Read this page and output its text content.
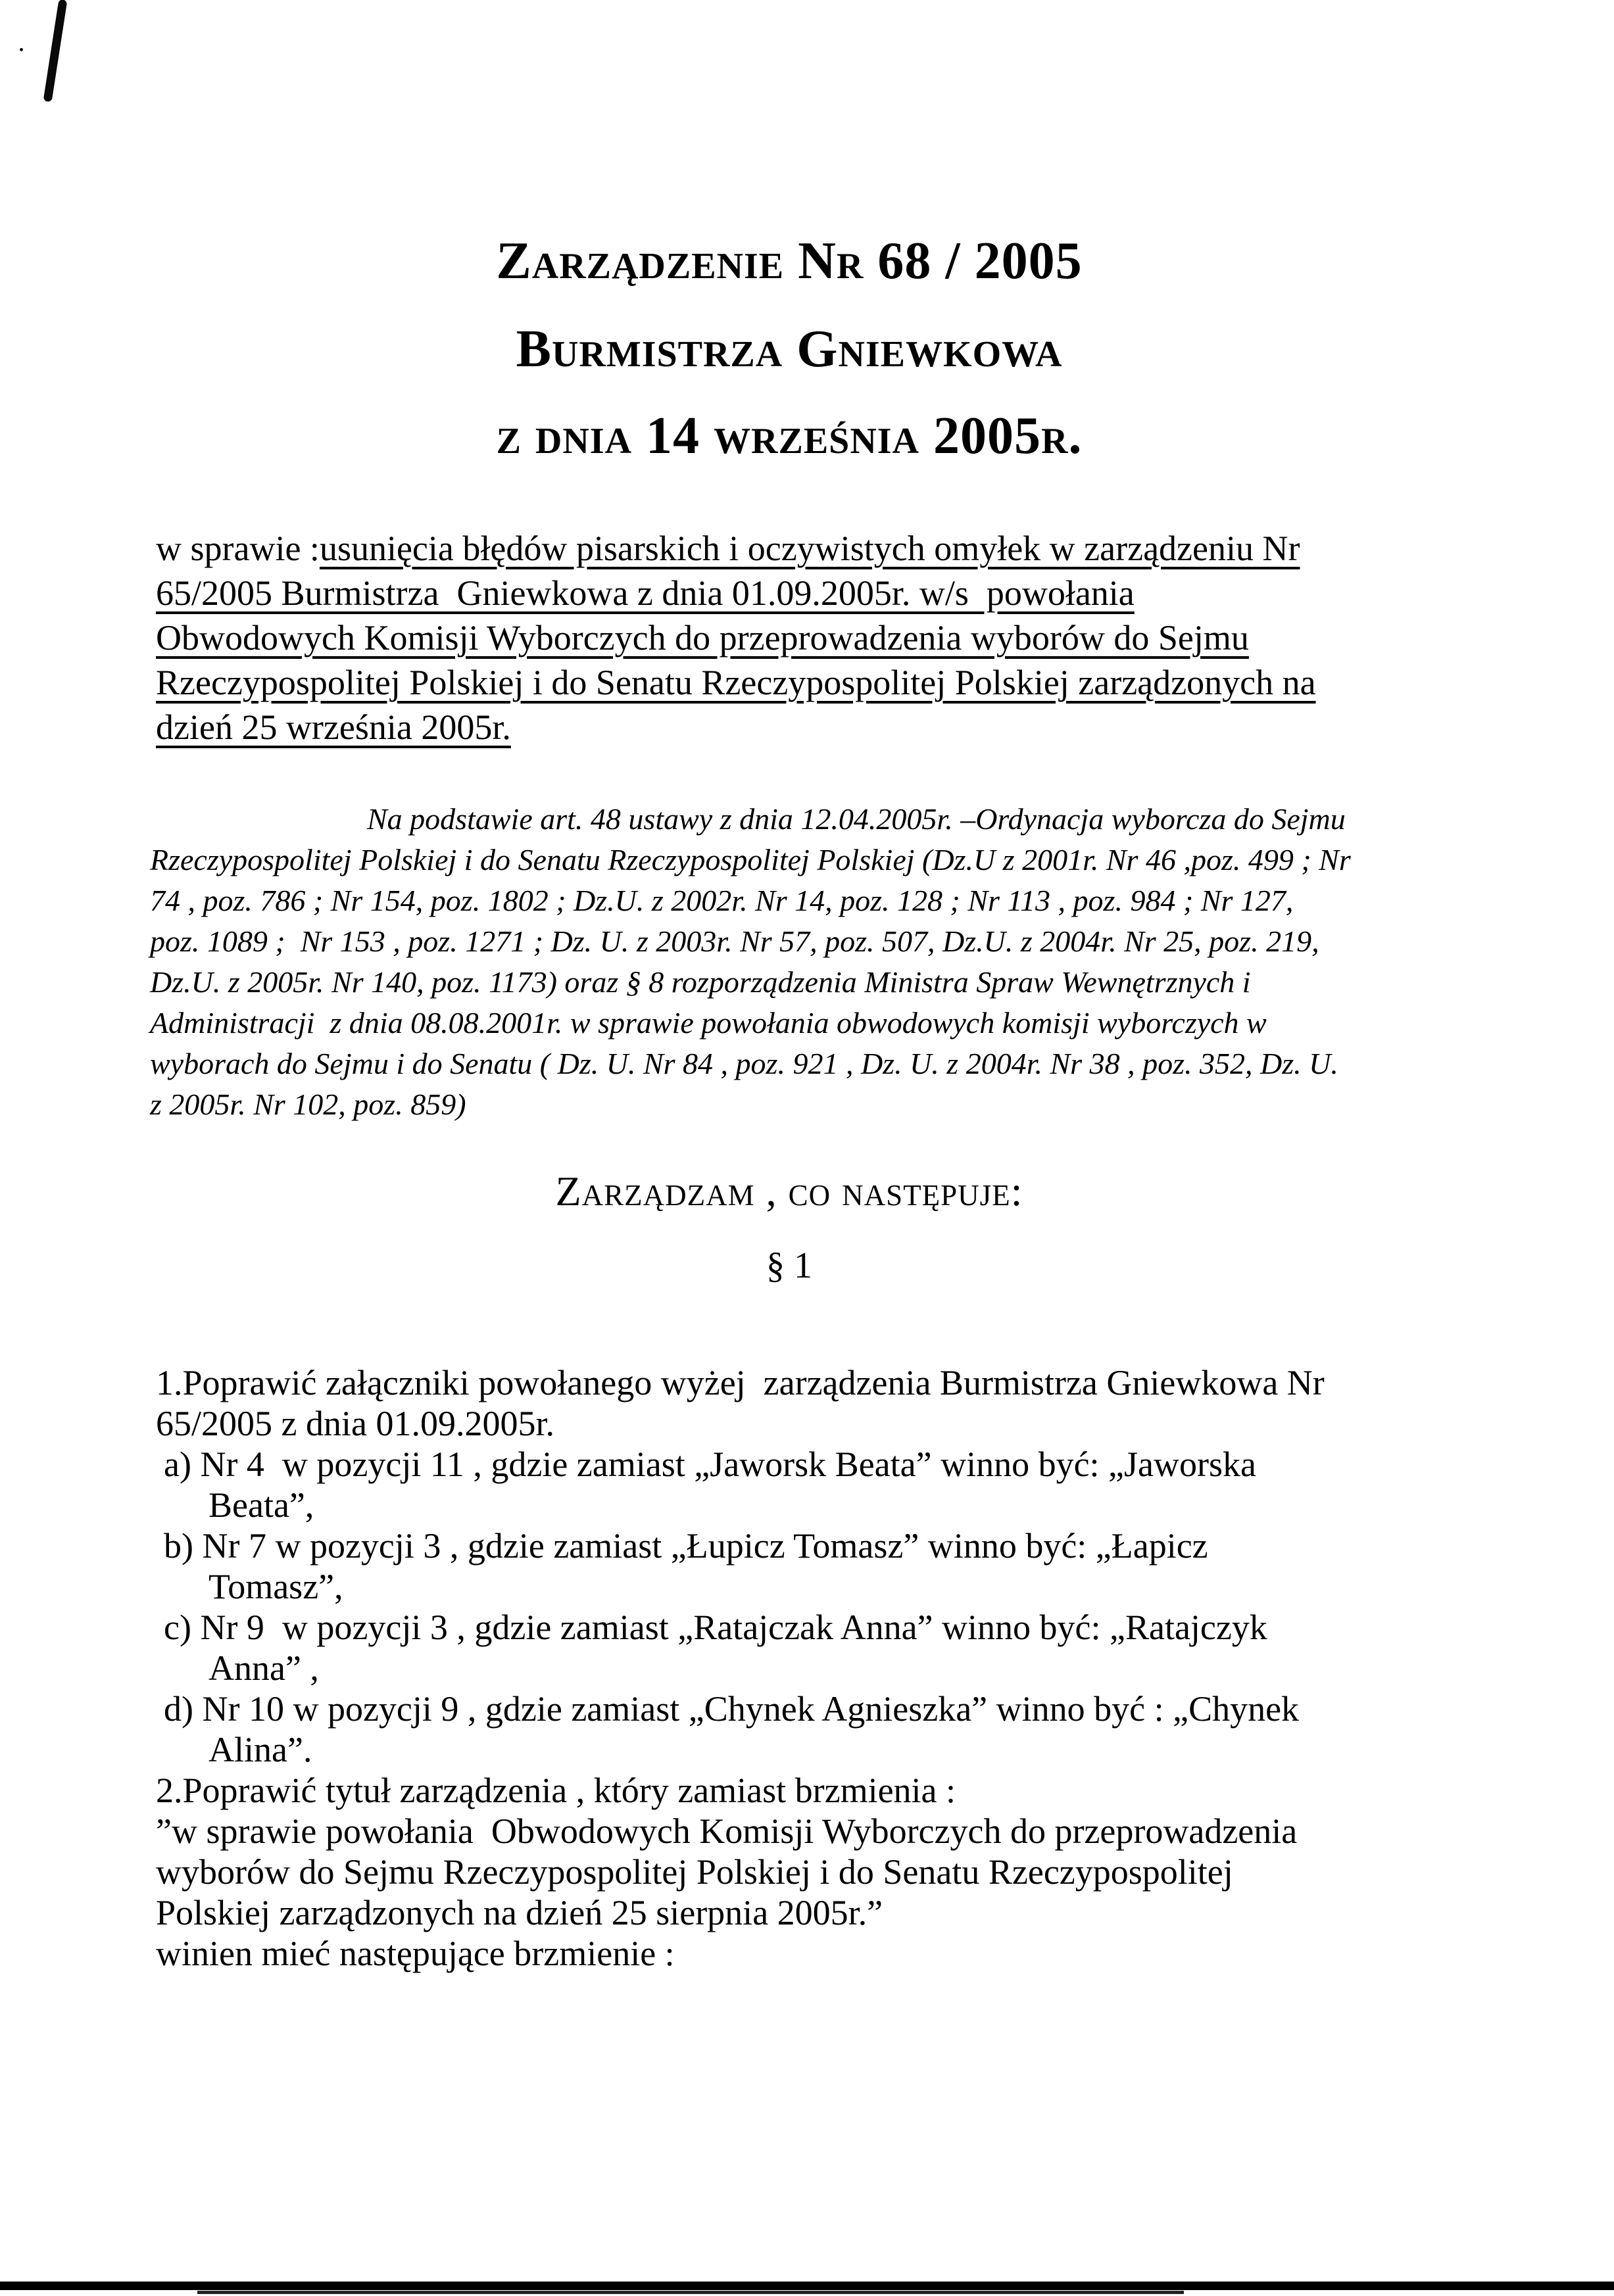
Zarządzenie Nr 68 / 2005
Burmistrza Gniewkowa
z dnia 14 września 2005r.
w sprawie :usunięcia błędów pisarskich i oczywistych omyłek w zarządzeniu Nr
65/2005 Burmistrza  Gniewkowa z dnia 01.09.2005r. w/s  powołania
Obwodowych Komisji Wyborczych do przeprowadzenia wyborów do Sejmu
Rzeczypospolitej Polskiej i do Senatu Rzeczypospolitej Polskiej zarządzonych na
dzień 25 września 2005r.
Na podstawie art. 48 ustawy z dnia 12.04.2005r. –Ordynacja wyborcza do Sejmu
Rzeczypospolitej Polskiej i do Senatu Rzeczypospolitej Polskiej (Dz.U z 2001r. Nr 46 ,poz. 499 ; Nr
74 , poz. 786 ; Nr 154, poz. 1802 ; Dz.U. z 2002r. Nr 14, poz. 128 ; Nr 113 , poz. 984 ; Nr 127,
poz. 1089 ;  Nr 153 , poz. 1271 ; Dz. U. z 2003r. Nr 57, poz. 507, Dz.U. z 2004r. Nr 25, poz. 219,
Dz.U. z 2005r. Nr 140, poz. 1173) oraz § 8 rozporządzenia Ministra Spraw Wewnętrznych i
Administracji  z dnia 08.08.2001r. w sprawie powołania obwodowych komisji wyborczych w
wyborach do Sejmu i do Senatu ( Dz. U. Nr 84 , poz. 921 , Dz. U. z 2004r. Nr 38 , poz. 352, Dz. U.
z 2005r. Nr 102, poz. 859)
Zarządzam , co następuje:
§ 1
1.Poprawić załączniki powołanego wyżej  zarządzenia Burmistrza Gniewkowa Nr
65/2005 z dnia 01.09.2005r.
a) Nr 4  w pozycji 11 , gdzie zamiast „Jaworsk Beata” winno być: „Jaworska
Beata”,
b) Nr 7 w pozycji 3 , gdzie zamiast „Łupicz Tomasz” winno być: „Łapicz
Tomasz”,
c) Nr 9  w pozycji 3 , gdzie zamiast „Ratajczak Anna” winno być: „Ratajczyk
Anna” ,
d) Nr 10 w pozycji 9 , gdzie zamiast „Chynek Agnieszka” winno być : „Chynek
Alina”.
2.Poprawić tytuł zarządzenia , który zamiast brzmienia :
”w sprawie powołania  Obwodowych Komisji Wyborczych do przeprowadzenia
wyborów do Sejmu Rzeczypospolitej Polskiej i do Senatu Rzeczypospolitej
Polskiej zarządzonych na dzień 25 sierpnia 2005r.”
winien mieć następujące brzmienie :
